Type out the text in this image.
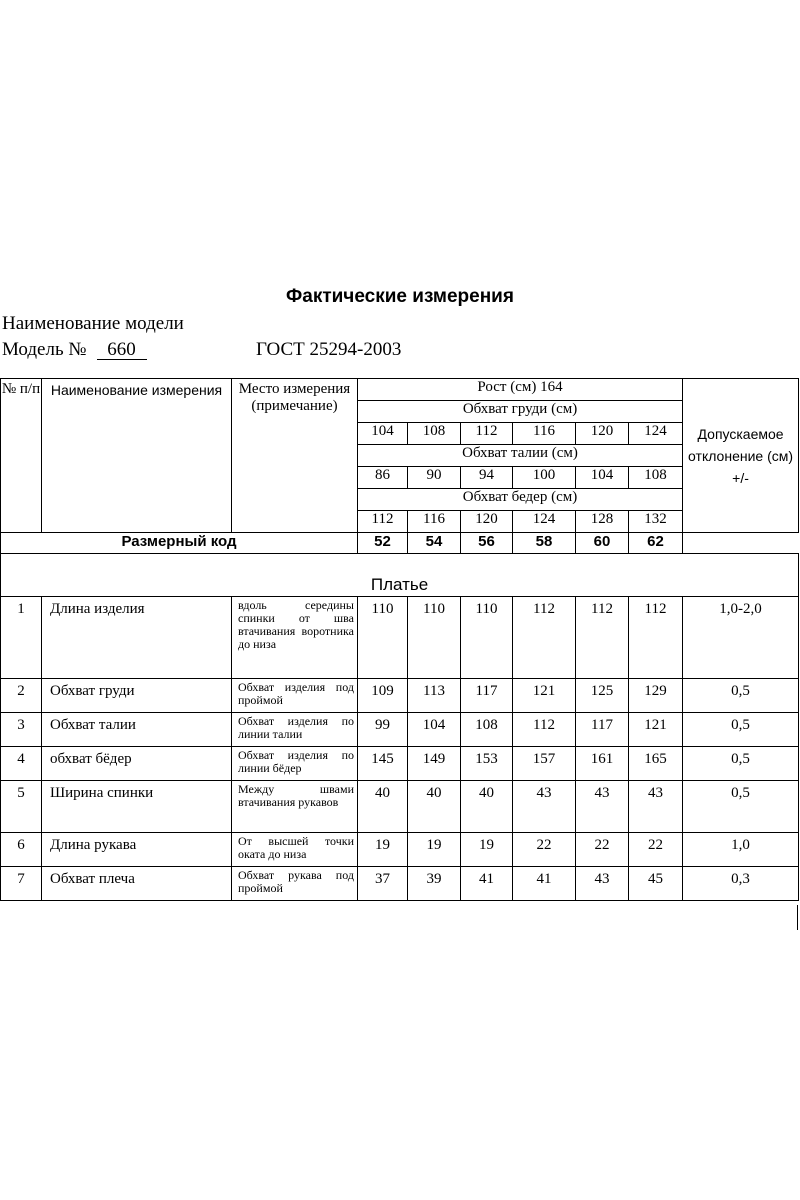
Фактические измерения
Наименование модели
Модель № 660	ГОСТ 25294-2003
№ п/п	Наименование измерения	Место измерения (примечание)	Рост (см) 164						Допускаемое отклонение (см) +/-
			Обхват груди (см)						
			104	108	112	116	120	124	
			Обхват талии (см)						
			86	90	94	100	104	108	
			Обхват бедер (см)						
			112	116	120	124	128	132	
Размерный код			52	54	56	58	60	62	

Платье									
1	Длина изделия	вдоль середины спинки от шва втачивания воротника до низа	110	110	110	112	112	112	1,0-2,0
2	Обхват груди	Обхват изделия под проймой	109	113	117	121	125	129	0,5
3	Обхват талии	Обхват изделия по линии талии	99	104	108	112	117	121	0,5
4	обхват бёдер	Обхват изделия по линии бёдер	145	149	153	157	161	165	0,5
5	Ширина спинки	Между швами втачивания рукавов	40	40	40	43	43	43	0,5
6	Длина рукава	От высшей точки оката до низа	19	19	19	22	22	22	1,0
7	Обхват плеча	Обхват рукава под проймой	37	39	41	41	43	45	0,3
